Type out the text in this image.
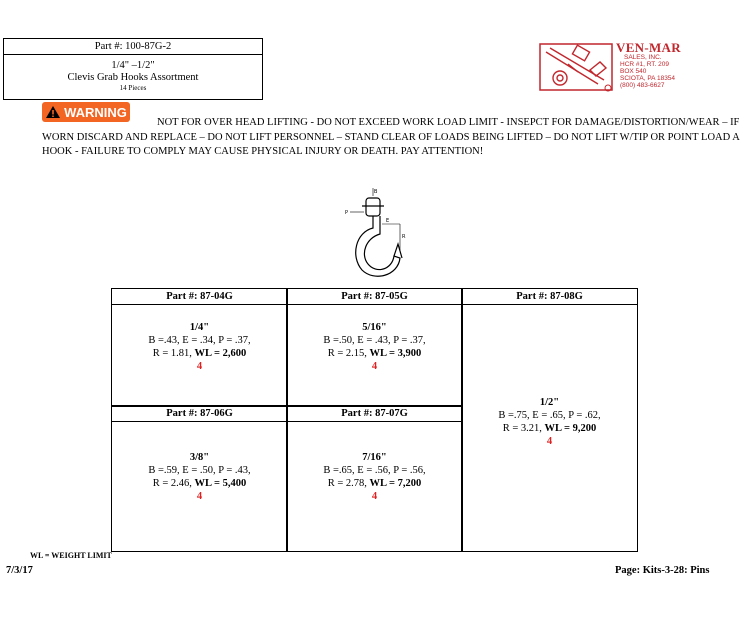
Part #: 100-87G-2
1/4" –1/2"
Clevis Grab Hooks Assortment
14 Pieces
VEN-MAR
SALES, INC.
HCR #1, RT. 209
BOX 540
SCIOTA, PA 18354
(800) 483-6627
WARNING
NOT FOR OVER HEAD LIFTING - DO NOT EXCEED WORK LOAD LIMIT - INSEPCT FOR DAMAGE/DISTORTION/WEAR – IF WORN DISCARD AND REPLACE – DO NOT LIFT PERSONNEL – STAND CLEAR OF LOADS BEING LIFTED – DO NOT LIFT W/TIP OR POINT LOAD A HOOK - FAILURE TO COMPLY MAY CAUSE PHYSICAL INJURY OR DEATH. PAY ATTENTION!
B
P
E
R
Part #: 87-04G	Part #: 87-05G	Part #: 87-08G
1/4"
B =.43, E = .34, P = .37,
R = 1.81, WL = 2,600
4
5/16"
B =.50, E = .43, P = .37,
R = 2.15, WL = 3,900
4
1/2"
B =.75, E = .65, P = .62,
R = 3.21, WL = 9,200
4
Part #: 87-06G	Part #: 87-07G
3/8"
B =.59, E = .50, P = .43,
R = 2.46, WL = 5,400
4
7/16"
B =.65, E = .56, P = .56,
R = 2.78, WL = 7,200
4
WL = WEIGHT LIMIT
7/3/17	Page: Kits-3-28: Pins
